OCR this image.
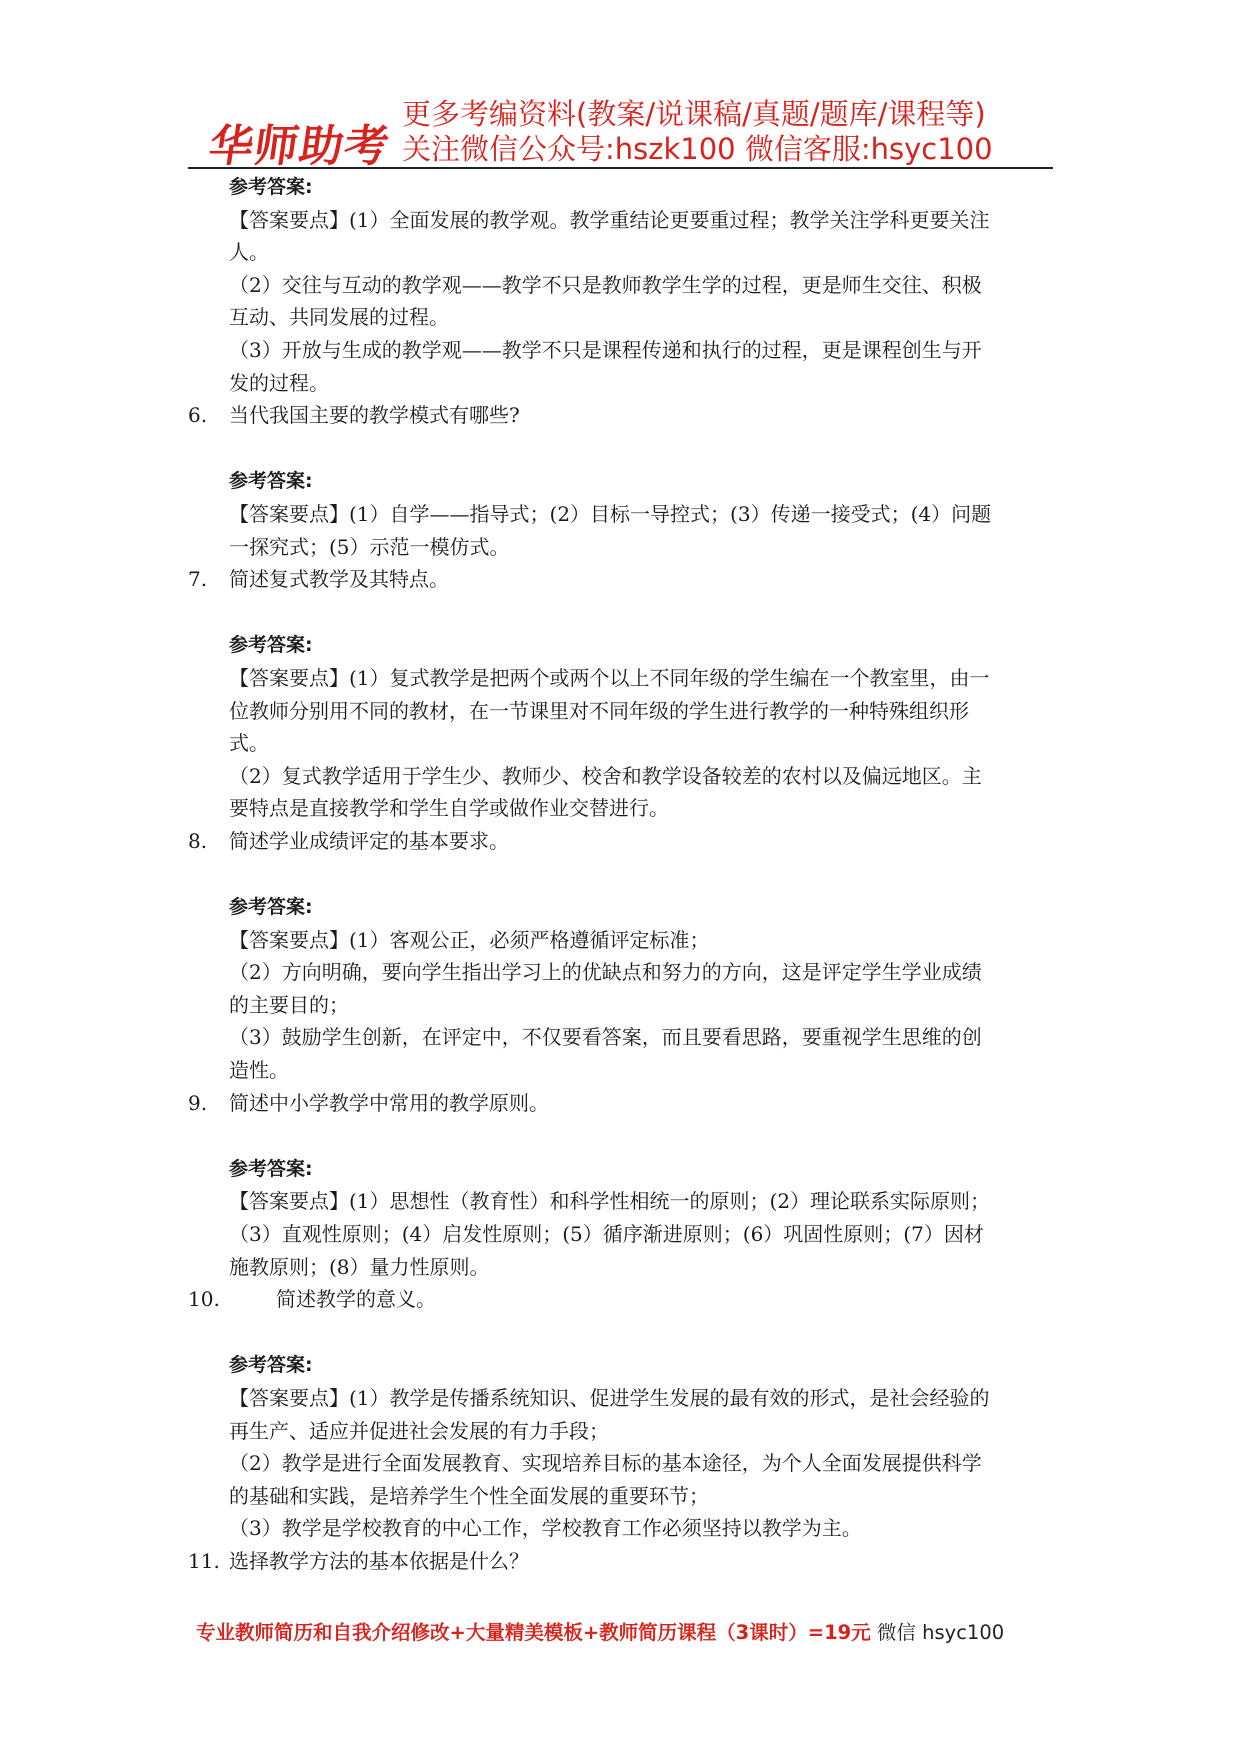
华师助考
更多考编资料(教案/说课稿/真题/题库/课程等)
关注微信公众号:hszk100 微信客服:hsyc100
参考答案:
【答案要点】(1）全面发展的教学观。教学重结论更要重过程；教学关注学科更要关注
人。
（2）交往与互动的教学观——教学不只是教师教学生学的过程，更是师生交往、积极
互动、共同发展的过程。
（3）开放与生成的教学观——教学不只是课程传递和执行的过程，更是课程创生与开
发的过程。
6. 当代我国主要的教学模式有哪些?
参考答案:
【答案要点】(1）自学——指导式；(2）目标一导控式；(3）传递一接受式；(4）问题
一探究式；(5）示范一模仿式。
7. 简述复式教学及其特点。
参考答案:
【答案要点】(1）复式教学是把两个或两个以上不同年级的学生编在一个教室里，由一
位教师分别用不同的教材，在一节课里对不同年级的学生进行教学的一种特殊组织形
式。
（2）复式教学适用于学生少、教师少、校舍和教学设备较差的农村以及偏远地区。主
要特点是直接教学和学生自学或做作业交替进行。
8. 简述学业成绩评定的基本要求。
参考答案:
【答案要点】(1）客观公正，必须严格遵循评定标准；
（2）方向明确，要向学生指出学习上的优缺点和努力的方向，这是评定学生学业成绩
的主要目的；
（3）鼓励学生创新，在评定中，不仅要看答案，而且要看思路，要重视学生思维的创
造性。
9. 简述中小学教学中常用的教学原则。
参考答案:
【答案要点】(1）思想性（教育性）和科学性相统一的原则；(2）理论联系实际原则；
（3）直观性原则；(4）启发性原则；(5）循序渐进原则；(6）巩固性原则；(7）因材
施教原则；(8）量力性原则。
10.	简述教学的意义。
参考答案:
【答案要点】(1）教学是传播系统知识、促进学生发展的最有效的形式，是社会经验的
再生产、适应并促进社会发展的有力手段；
（2）教学是进行全面发展教育、实现培养目标的基本途径，为个人全面发展提供科学
的基础和实践，是培养学生个性全面发展的重要环节；
（3）教学是学校教育的中心工作，学校教育工作必须坚持以教学为主。
11. 选择教学方法的基本依据是什么？
专业教师简历和自我介绍修改+大量精美模板+教师简历课程（3课时）=19元 微信 hsyc100
